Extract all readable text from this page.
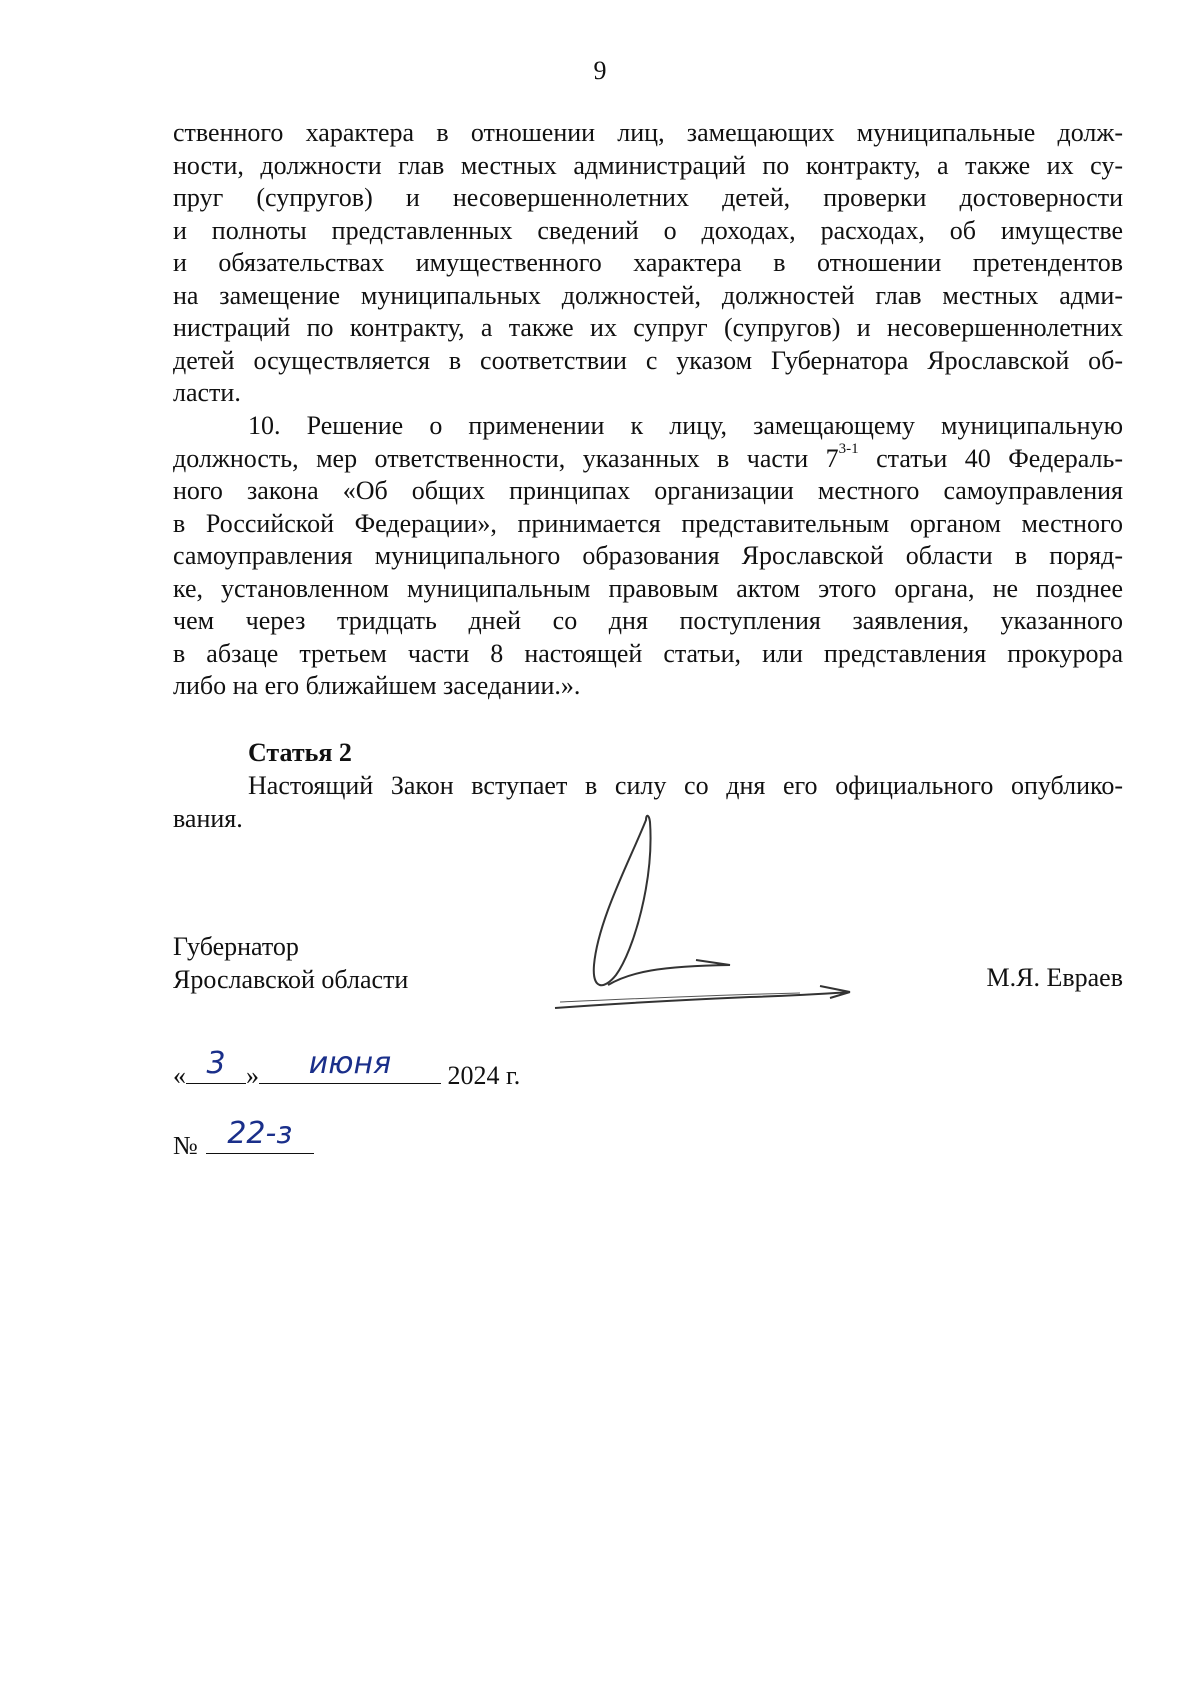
9
ственного характера в отношении лиц, замещающих муниципальные долж-
ности, должности глав местных администраций по контракту, а также их су-
пруг (супругов) и несовершеннолетних детей, проверки достоверности
и полноты представленных сведений о доходах, расходах, об имуществе
и обязательствах имущественного характера в отношении претендентов
на замещение муниципальных должностей, должностей глав местных адми-
нистраций по контракту, а также их супруг (супругов) и несовершеннолетних
детей осуществляется в соответствии с указом Губернатора Ярославской об-
ласти.
10. Решение о применении к лицу, замещающему муниципальную
должность, мер ответственности, указанных в части 7$^{3-1}$ статьи 40 Федераль-
ного закона «Об общих принципах организации местного самоуправления
в Российской Федерации», принимается представительным органом местного
самоуправления муниципального образования Ярославской области в поряд-
ке, установленном муниципальным правовым актом этого органа, не позднее
чем через тридцать дней со дня поступления заявления, указанного
в абзаце третьем части 8 настоящей статьи, или представления прокурора
либо на его ближайшем заседании.».
Статья 2
Настоящий Закон вступает в силу со дня его официального опублико-
вания.
Губернатор
Ярославской области	М.Я. Евраев
« 3 »	июня	2024 г.
№ 22-з
